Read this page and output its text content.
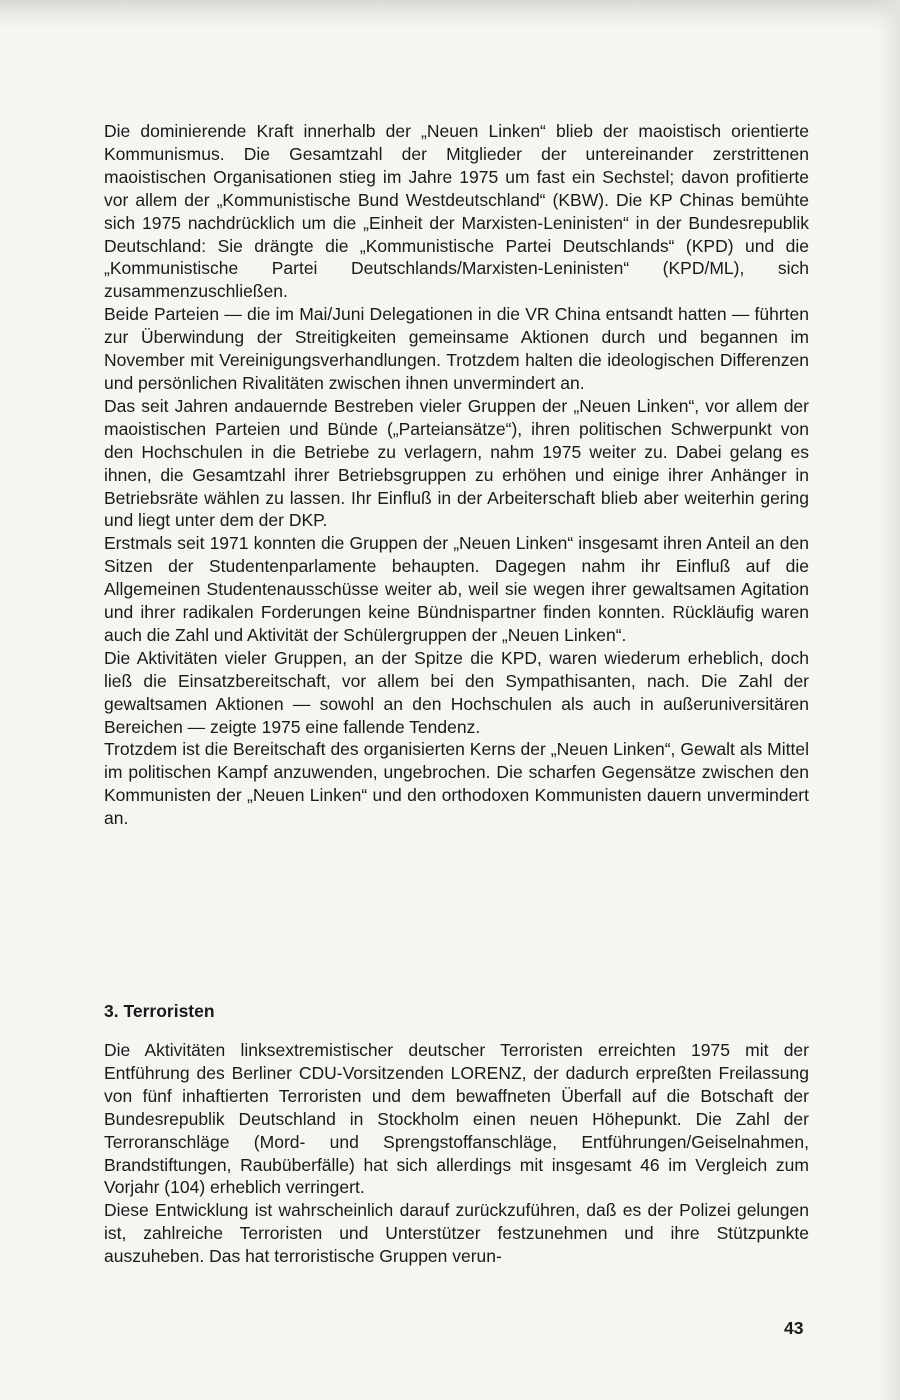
Die dominierende Kraft innerhalb der „Neuen Linken“ blieb der maoistisch orientierte Kommunismus. Die Gesamtzahl der Mitglieder der untereinander zerstrittenen maoistischen Organisationen stieg im Jahre 1975 um fast ein Sechstel; davon profitierte vor allem der „Kommunistische Bund Westdeutschland“ (KBW). Die KP Chinas bemühte sich 1975 nachdrücklich um die „Einheit der Marxisten-Leninisten“ in der Bundesrepublik Deutschland: Sie drängte die „Kommunistische Partei Deutschlands“ (KPD) und die „Kommunistische Partei Deutschlands/Marxisten-Leninisten“ (KPD/ML), sich zusammenzuschließen.

Beide Parteien — die im Mai/Juni Delegationen in die VR China entsandt hatten — führten zur Überwindung der Streitigkeiten gemeinsame Aktionen durch und begannen im November mit Vereinigungsverhandlungen. Trotzdem halten die ideologischen Differenzen und persönlichen Rivalitäten zwischen ihnen unvermindert an.

Das seit Jahren andauernde Bestreben vieler Gruppen der „Neuen Linken“, vor allem der maoistischen Parteien und Bünde („Parteiansätze“), ihren politischen Schwerpunkt von den Hochschulen in die Betriebe zu verlagern, nahm 1975 weiter zu. Dabei gelang es ihnen, die Gesamtzahl ihrer Betriebsgruppen zu erhöhen und einige ihrer Anhänger in Betriebsräte wählen zu lassen. Ihr Einfluß in der Arbeiterschaft blieb aber weiterhin gering und liegt unter dem der DKP.

Erstmals seit 1971 konnten die Gruppen der „Neuen Linken“ insgesamt ihren Anteil an den Sitzen der Studentenparlamente behaupten. Dagegen nahm ihr Einfluß auf die Allgemeinen Studentenausschüsse weiter ab, weil sie wegen ihrer gewaltsamen Agitation und ihrer radikalen Forderungen keine Bündnispartner finden konnten. Rückläufig waren auch die Zahl und Aktivität der Schülergruppen der „Neuen Linken“.

Die Aktivitäten vieler Gruppen, an der Spitze die KPD, waren wiederum erheblich, doch ließ die Einsatzbereitschaft, vor allem bei den Sympathisanten, nach. Die Zahl der gewaltsamen Aktionen — sowohl an den Hochschulen als auch in außeruniversitären Bereichen — zeigte 1975 eine fallende Tendenz.

Trotzdem ist die Bereitschaft des organisierten Kerns der „Neuen Linken“, Gewalt als Mittel im politischen Kampf anzuwenden, ungebrochen. Die scharfen Gegensätze zwischen den Kommunisten der „Neuen Linken“ und den orthodoxen Kommunisten dauern unvermindert an.

3. Terroristen

Die Aktivitäten linksextremistischer deutscher Terroristen erreichten 1975 mit der Entführung des Berliner CDU-Vorsitzenden LORENZ, der dadurch erpreßten Freilassung von fünf inhaftierten Terroristen und dem bewaffneten Überfall auf die Botschaft der Bundesrepublik Deutschland in Stockholm einen neuen Höhepunkt. Die Zahl der Terroranschläge (Mord- und Sprengstoffanschläge, Entführungen/Geiselnahmen, Brandstiftungen, Raubüberfälle) hat sich allerdings mit insgesamt 46 im Vergleich zum Vorjahr (104) erheblich verringert.

Diese Entwicklung ist wahrscheinlich darauf zurückzuführen, daß es der Polizei gelungen ist, zahlreiche Terroristen und Unterstützer festzunehmen und ihre Stützpunkte auszuheben. Das hat terroristische Gruppen verun-

43
